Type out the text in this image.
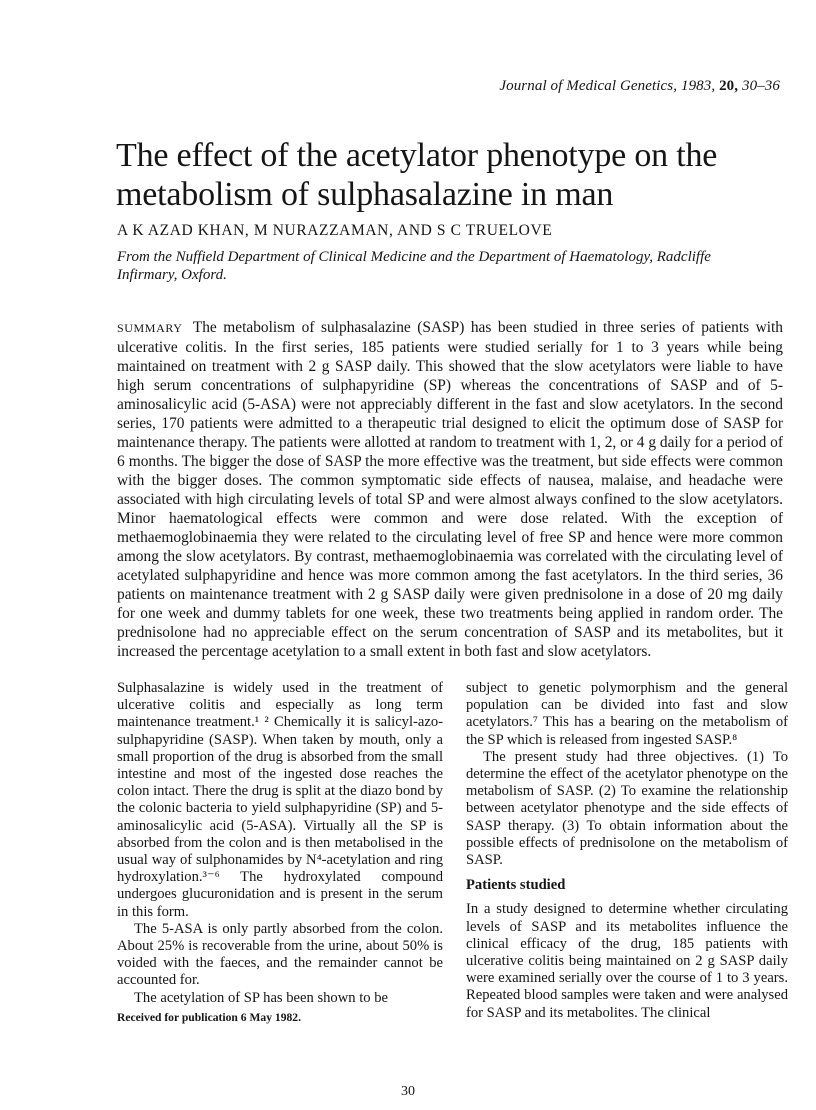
Journal of Medical Genetics, 1983, 20, 30–36
The effect of the acetylator phenotype on the metabolism of sulphasalazine in man
A K AZAD KHAN, M NURAZZAMAN, AND S C TRUELOVE
From the Nuffield Department of Clinical Medicine and the Department of Haematology, Radcliffe Infirmary, Oxford.

SUMMARY The metabolism of sulphasalazine (SASP) has been studied in three series of patients with ulcerative colitis. In the first series, 185 patients were studied serially for 1 to 3 years while being maintained on treatment with 2 g SASP daily. This showed that the slow acetylators were liable to have high serum concentrations of sulphapyridine (SP) whereas the concentrations of SASP and of 5-aminosalicylic acid (5-ASA) were not appreciably different in the fast and slow acetylators. In the second series, 170 patients were admitted to a therapeutic trial designed to elicit the optimum dose of SASP for maintenance therapy. The patients were allotted at random to treatment with 1, 2, or 4 g daily for a period of 6 months. The bigger the dose of SASP the more effective was the treatment, but side effects were common with the bigger doses. The common symptomatic side effects of nausea, malaise, and headache were associated with high circulating levels of total SP and were almost always confined to the slow acetylators. Minor haematological effects were common and were dose related. With the exception of methaemoglobinaemia they were related to the circulating level of free SP and hence were more common among the slow acetylators. By contrast, methaemoglobinaemia was correlated with the circulating level of acetylated sulphapyridine and hence was more common among the fast acetylators. In the third series, 36 patients on maintenance treatment with 2 g SASP daily were given prednisolone in a dose of 20 mg daily for one week and dummy tablets for one week, these two treatments being applied in random order. The prednisolone had no appreciable effect on the serum concentration of SASP and its metabolites, but it increased the percentage acetylation to a small extent in both fast and slow acetylators.

Sulphasalazine is widely used in the treatment of ulcerative colitis and especially as long term maintenance treatment.¹ ² Chemically it is salicyl-azo-sulphapyridine (SASP). When taken by mouth, only a small proportion of the drug is absorbed from the small intestine and most of the ingested dose reaches the colon intact. There the drug is split at the diazo bond by the colonic bacteria to yield sulphapyridine (SP) and 5-aminosalicylic acid (5-ASA). Virtually all the SP is absorbed from the colon and is then metabolised in the usual way of sulphonamides by N⁴-acetylation and ring hydroxylation.³⁻⁶ The hydroxylated compound undergoes glucuronidation and is present in the serum in this form.

The 5-ASA is only partly absorbed from the colon. About 25% is recoverable from the urine, about 50% is voided with the faeces, and the remainder cannot be accounted for.

The acetylation of SP has been shown to be

Received for publication 6 May 1982.

subject to genetic polymorphism and the general population can be divided into fast and slow acetylators.⁷ This has a bearing on the metabolism of the SP which is released from ingested SASP.⁸

The present study had three objectives. (1) To determine the effect of the acetylator phenotype on the metabolism of SASP. (2) To examine the relationship between acetylator phenotype and the side effects of SASP therapy. (3) To obtain information about the possible effects of prednisolone on the metabolism of SASP.

Patients studied

In a study designed to determine whether circulating levels of SASP and its metabolites influence the clinical efficacy of the drug, 185 patients with ulcerative colitis being maintained on 2 g SASP daily were examined serially over the course of 1 to 3 years. Repeated blood samples were taken and were analysed for SASP and its metabolites. The clinical

30
